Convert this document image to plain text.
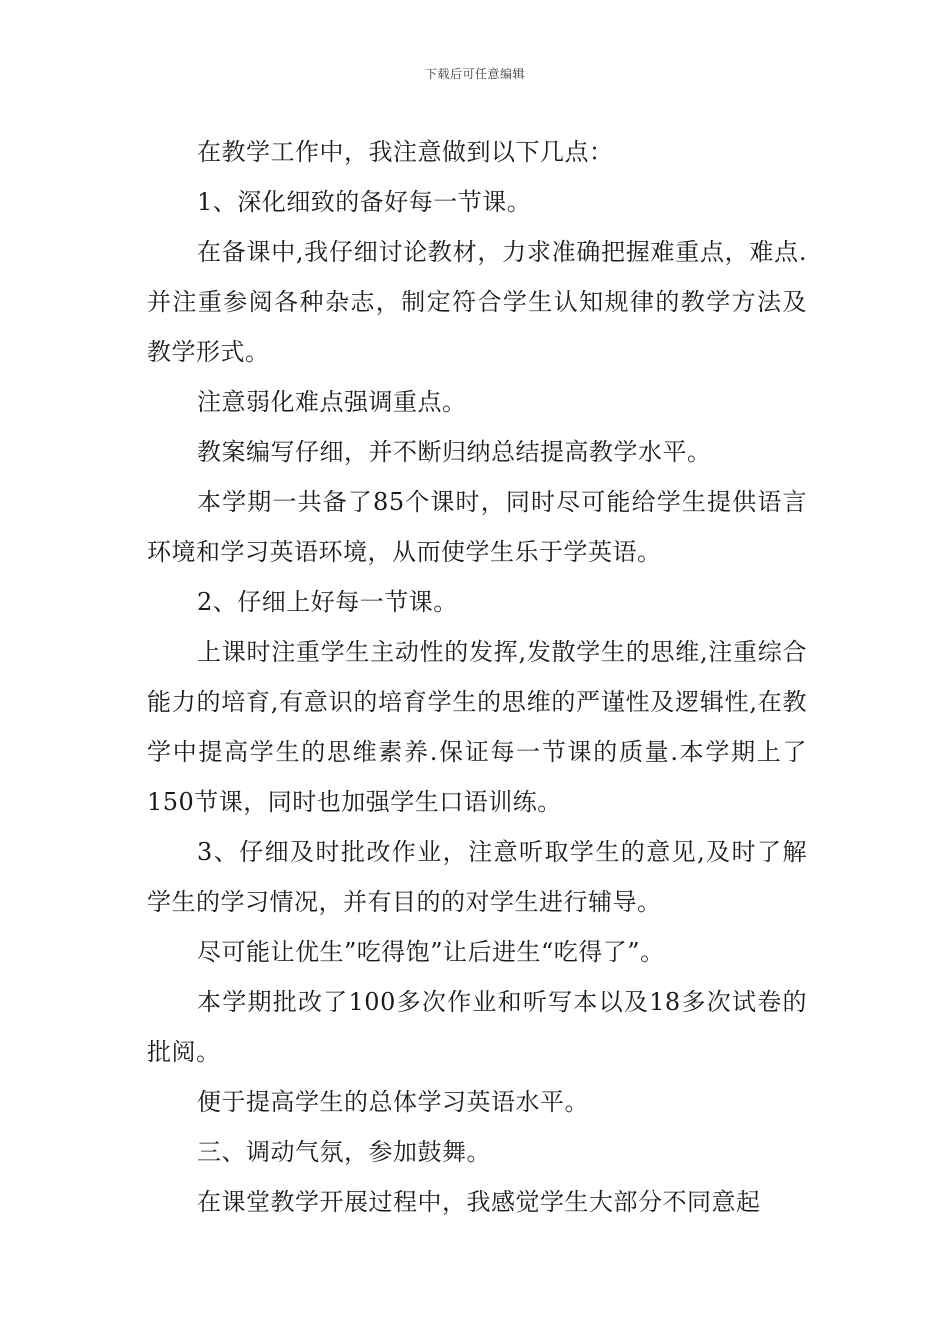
下载后可任意编辑

在教学工作中，我注意做到以下几点：

1、深化细致的备好每一节课。

在备课中,我仔细讨论教材，力求准确把握难重点，难点.并注重参阅各种杂志，制定符合学生认知规律的教学方法及教学形式。

注意弱化难点强调重点。

教案编写仔细，并不断归纳总结提高教学水平。

本学期一共备了85个课时，同时尽可能给学生提供语言环境和学习英语环境，从而使学生乐于学英语。

2、仔细上好每一节课。

上课时注重学生主动性的发挥,发散学生的思维,注重综合能力的培育,有意识的培育学生的思维的严谨性及逻辑性,在教学中提高学生的思维素养.保证每一节课的质量.本学期上了150节课，同时也加强学生口语训练。

3、仔细及时批改作业，注意听取学生的意见,及时了解学生的学习情况，并有目的的对学生进行辅导。

尽可能让优生”吃得饱”让后进生“吃得了”。

本学期批改了100多次作业和听写本以及18多次试卷的批阅。

便于提高学生的总体学习英语水平。

三、调动气氛，参加鼓舞。

在课堂教学开展过程中，我感觉学生大部分不同意起
